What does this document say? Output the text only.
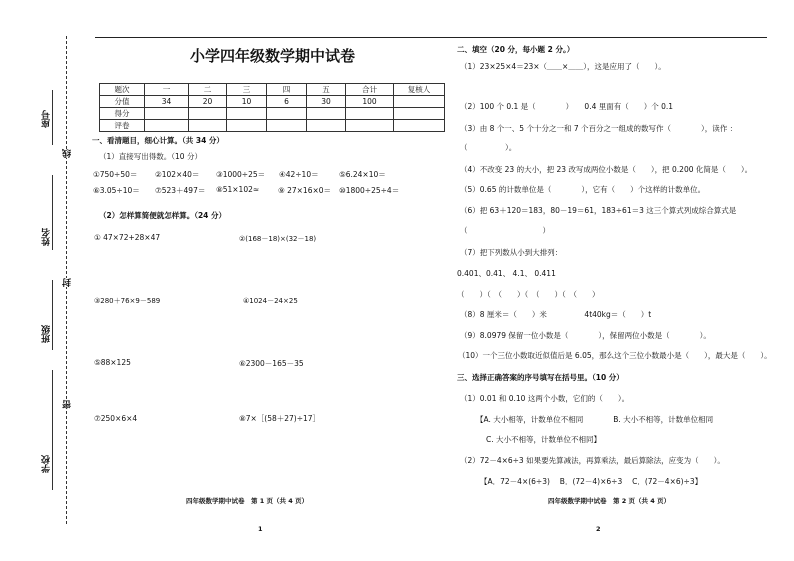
座号
姓名
班级
学校
线
封
密
小学四年级数学期中试卷
题次	一	二	三	四	五	合计	复核人
分值	34	20	10	6	30	100	
得分							
评卷							
一、看清题目，细心计算。（共 34 分）
（1）直接写出得数。（10 分）
①750÷50＝ ②102×40＝ ③1000÷25＝ ④42÷10＝	⑤6.24×10＝
⑥3.05÷10＝ ⑦523＋497＝ ⑧51×102≈	⑨ 27×16×0＝ ⑩1800÷25÷4＝
（2）怎样算简便就怎样算。（24 分）
① 47×72+28×47	②(168－18)×(32－18)
③280＋76×9－589	④1024－24×25
⑤88×125	⑥2300－165－35
⑦250×6×4	⑧7×［(58＋27)÷17］
四年级数学期中试卷　第 1 页（共 4 页）
1
二、填空（20 分，每小题 2 分。）
（1）23×25×4＝23×（＿＿×＿＿），这是应用了（　　）。
（2）100 个 0.1 是（　　　　）　　0.4 里面有（　　）个 0.1
（3）由 8 个一、5 个十分之一和 7 个百分之一组成的数写作（　　　　），读作 ：
（　　　　　）。
（4）不改变 23 的大小，把 23 改写成两位小数是（　　），把 0.200 化简是（　　）。
（5）0.65 的计数单位是（　　　　），它有（　　）个这样的计数单位。
（6）把 63＋120＝183，80－19＝61，183÷61＝3 这三个算式列成综合算式是
（　　　　　　　　　　）
（7）把下列数从小到大排列：
0.401、0.41、 4.1、 0.411
（　　）（　（　　）（　（　　）（　（　　）
（8）8 厘米＝（　　）米　　　　　4t40kg＝（　　）t
（9）8.0979 保留一位小数是（　　　　），保留两位小数是（　　　　）。
（10）一个三位小数取近似值后是 6.05，那么这个三位小数最小是（　　），最大是（　　）。
三、选择正确答案的序号填写在括号里。（10 分）
（1）0.01 和 0.10 这两个小数，它们的（　　）。
【A. 大小相等，计数单位不相同　　　　B. 大小不相等，计数单位相同
C. 大小不相等，计数单位不相同】
（2）72－4×6÷3 如果要先算减法，再算乘法，最后算除法，应变为（　　）。
【A．72－4×(6÷3)　 B．(72－4)×6÷3　 C．(72－4×6)÷3】
四年级数学期中试卷　第 2 页（共 4 页）
2
